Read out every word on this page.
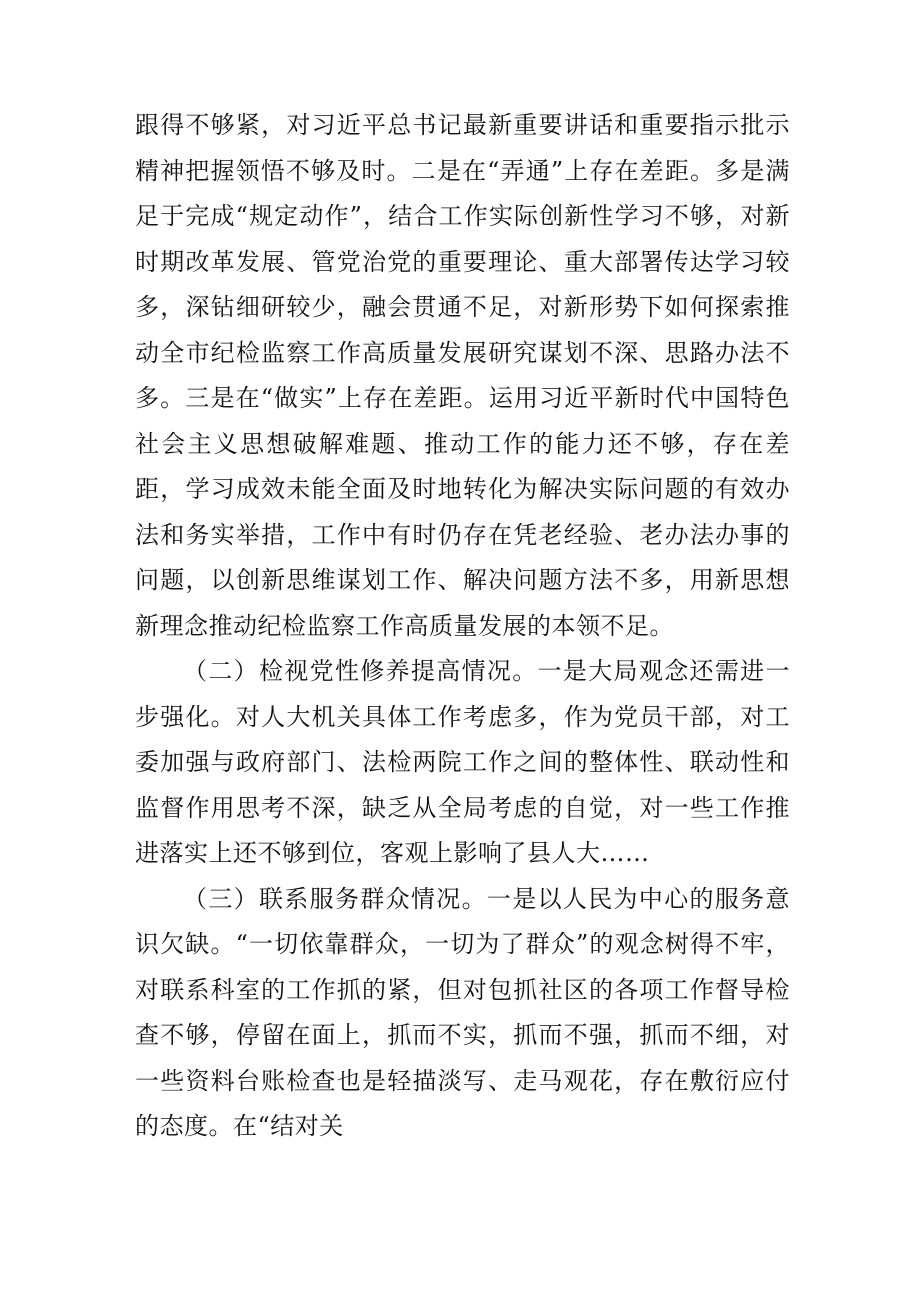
跟得不够紧，对习近平总书记最新重要讲话和重要指示批示精神把握领悟不够及时。二是在“弄通”上存在差距。多是满足于完成“规定动作”，结合工作实际创新性学习不够，对新时期改革发展、管党治党的重要理论、重大部署传达学习较多，深钻细研较少，融会贯通不足，对新形势下如何探索推动全市纪检监察工作高质量发展研究谋划不深、思路办法不多。三是在“做实”上存在差距。运用习近平新时代中国特色社会主义思想破解难题、推动工作的能力还不够，存在差距，学习成效未能全面及时地转化为解决实际问题的有效办法和务实举措，工作中有时仍存在凭老经验、老办法办事的问题，以创新思维谋划工作、解决问题方法不多，用新思想新理念推动纪检监察工作高质量发展的本领不足。

（二）检视党性修养提高情况。一是大局观念还需进一步强化。对人大机关具体工作考虑多，作为党员干部，对工委加强与政府部门、法检两院工作之间的整体性、联动性和监督作用思考不深，缺乏从全局考虑的自觉，对一些工作推进落实上还不够到位，客观上影响了县人大……

（三）联系服务群众情况。一是以人民为中心的服务意识欠缺。“一切依靠群众，一切为了群众”的观念树得不牢，对联系科室的工作抓的紧，但对包抓社区的各项工作督导检查不够，停留在面上，抓而不实，抓而不强，抓而不细，对一些资料台账检查也是轻描淡写、走马观花，存在敷衍应付的态度。在“结对关
